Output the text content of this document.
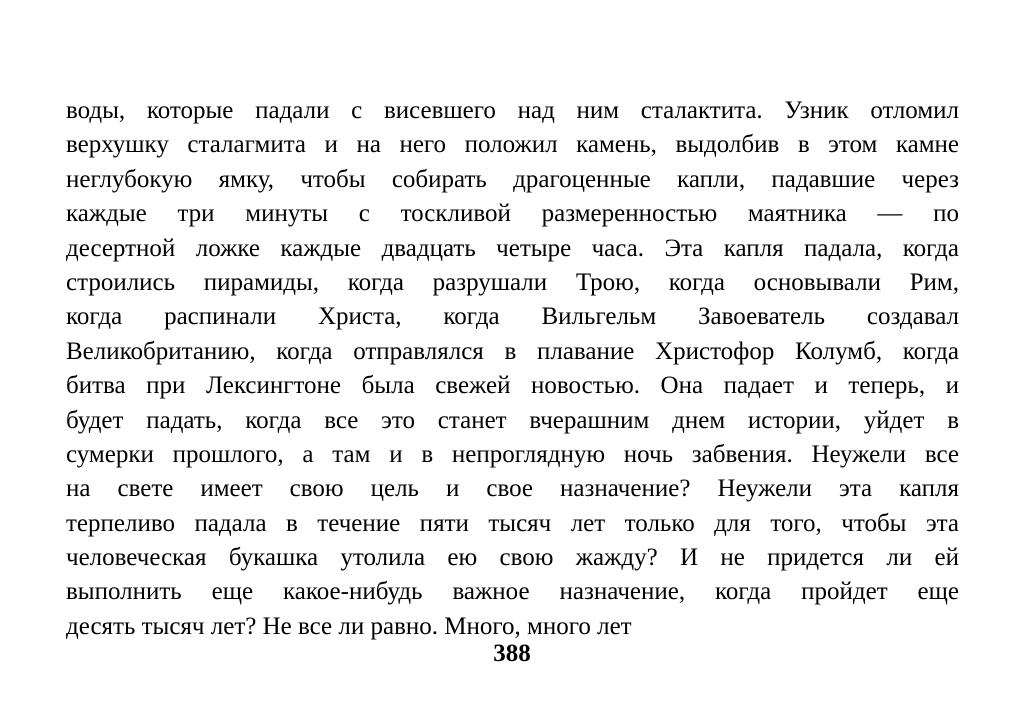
воды, которые падали с висевшего над ним сталактита. Узник отломил
верхушку сталагмита и на него положил камень, выдолбив в этом камне
неглубокую ямку, чтобы собирать драгоценные капли, падавшие через
каждые три минуты с тоскливой размеренностью маятника — по
десертной ложке каждые двадцать четыре часа. Эта капля падала, когда
строились пирамиды, когда разрушали Трою, когда основывали Рим,
когда распинали Христа, когда Вильгельм Завоеватель создавал
Великобританию, когда отправлялся в плавание Христофор Колумб, когда
битва при Лексингтоне была свежей новостью. Она падает и теперь, и
будет падать, когда все это станет вчерашним днем истории, уйдет в
сумерки прошлого, а там и в непроглядную ночь забвения. Неужели все
на свете имеет свою цель и свое назначение? Неужели эта капля
терпеливо падала в течение пяти тысяч лет только для того, чтобы эта
человеческая букашка утолила ею свою жажду? И не придется ли ей
выполнить еще какое-нибудь важное назначение, когда пройдет еще
десять тысяч лет? Не все ли равно. Много, много лет
388
